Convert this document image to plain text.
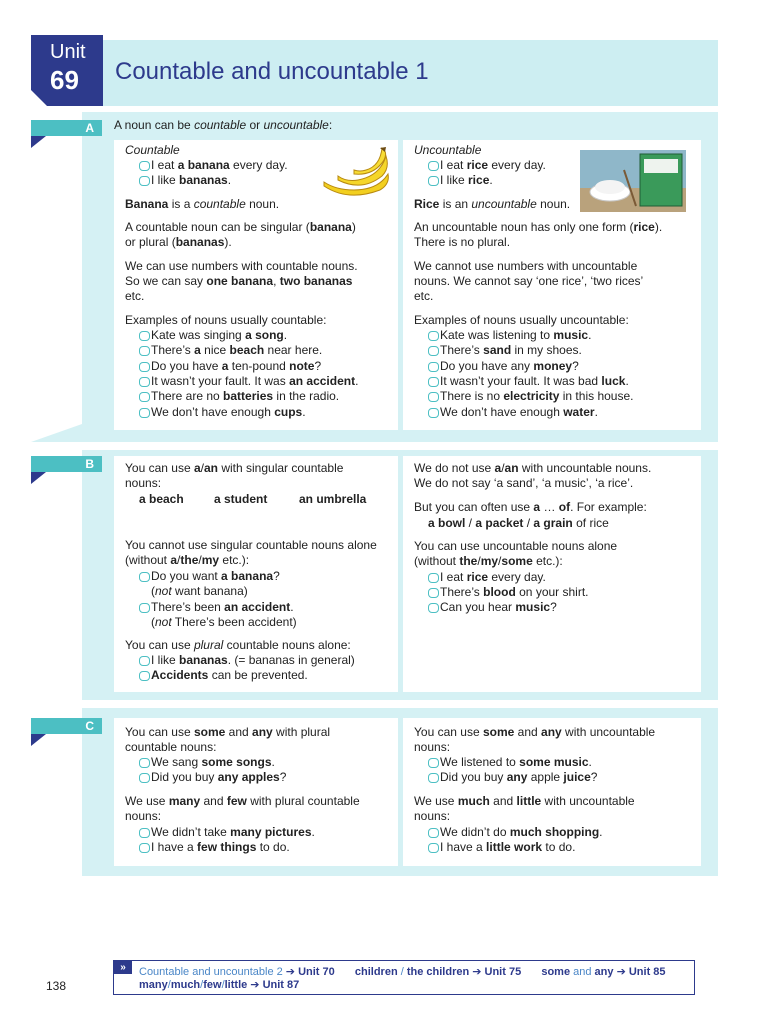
Countable and uncountable 1
Unit
69
A
B
C
A noun can be countable or uncountable:
Countable
I eat a banana every day.
I like bananas.
Banana is a countable noun.
A countable noun can be singular (banana)
or plural (bananas).
We can use numbers with countable nouns.
So we can say one banana, two bananas
etc.
Examples of nouns usually countable:
Kate was singing a song.
There’s a nice beach near here.
Do you have a ten-pound note?
It wasn’t your fault. It was an accident.
There are no batteries in the radio.
We don’t have enough cups.
Uncountable
I eat rice every day.
I like rice.
Rice is an uncountable noun.
An uncountable noun has only one form (rice).
There is no plural.
We cannot use numbers with uncountable
nouns. We cannot say ‘one rice’, ‘two rices’
etc.
Examples of nouns usually uncountable:
Kate was listening to music.
There’s sand in my shoes.
Do you have any money?
It wasn’t your fault. It was bad luck.
There is no electricity in this house.
We don’t have enough water.
You can use a/an with singular countable
nouns:
a beach	a student	an umbrella
You cannot use singular countable nouns alone
(without a/the/my etc.):
Do you want a banana?
(not want banana)
There’s been an accident.
(not There’s been accident)
You can use plural countable nouns alone:
I like bananas. (= bananas in general)
Accidents can be prevented.
We do not use a/an with uncountable nouns.
We do not say ‘a sand’, ‘a music’, ‘a rice’.
But you can often use a … of. For example:
a bowl / a packet / a grain of rice
You can use uncountable nouns alone
(without the/my/some etc.):
I eat rice every day.
There’s blood on your shirt.
Can you hear music?
You can use some and any with plural
countable nouns:
We sang some songs.
Did you buy any apples?
We use many and few with plural countable
nouns:
We didn’t take many pictures.
I have a few things to do.
You can use some and any with uncountable
nouns:
We listened to some music.
Did you buy any apple juice?
We use much and little with uncountable
nouns:
We didn’t do much shopping.
I have a little work to do.
»	Countable and uncountable 2 ➔ Unit 70 children / the children ➔ Unit 75 some and any ➔ Unit 85
many/much/few/little ➔ Unit 87
138
